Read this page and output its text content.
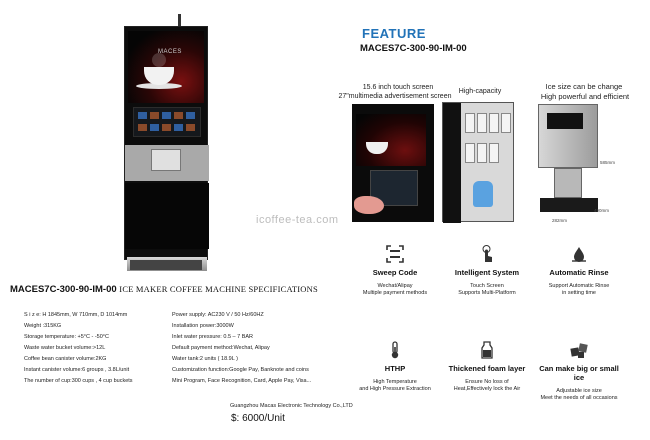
MACES
FEATURE
MACES7C-300-90-IM-00
15.6 inch touch screen
27"multimedia advertisement screen
High-capacity
Ice size can be change
High powerful and efficient
585mm
282mm
490mm
icoffee-tea.com
Sweep Code
Wechat/Alipay
Multiple payment methods
Intelligent System
Touch Screen
Supports Multi-Platform
Automatic Rinse
Support Automatic Rinse
in setting time
HTHP
High Temperature
and High Pressure Extraction
Thickened foam layer
Ensure No loss of
Heat,Effectively lock the Air
Can make big or small ice
Adjustable ice size
Meet the needs of all occasions
MACES7C-300-90-IM-00 ICE MAKER COFFEE MACHINE SPECIFICATIONS
S i z e: H 1845mm, W 710mm, D 1014mm
Weight :315KG
Storage temperature: +5°C - -50°C
Waste water bucket volume:>12L
Coffee bean canister volume:2KG
Instant canister volume:6 groups , 3.8L/unit
The number of cup:300 cups , 4 cup buckets
Power supply: AC230 V / 50 Hz/60HZ
Installation power:3000W
Inlet water pressure: 0.5 – 7 BAR
Default payment method:Wechat, Alipay
Water tank:2 units ( 18.9L )
Customization function:Google Pay, Banknote and coins
Mini Program, Face Recognition, Card, Apple Pay, Visa...
Guangzhou Macas Electronic Technology Co.,LTD
$: 6000/Unit
